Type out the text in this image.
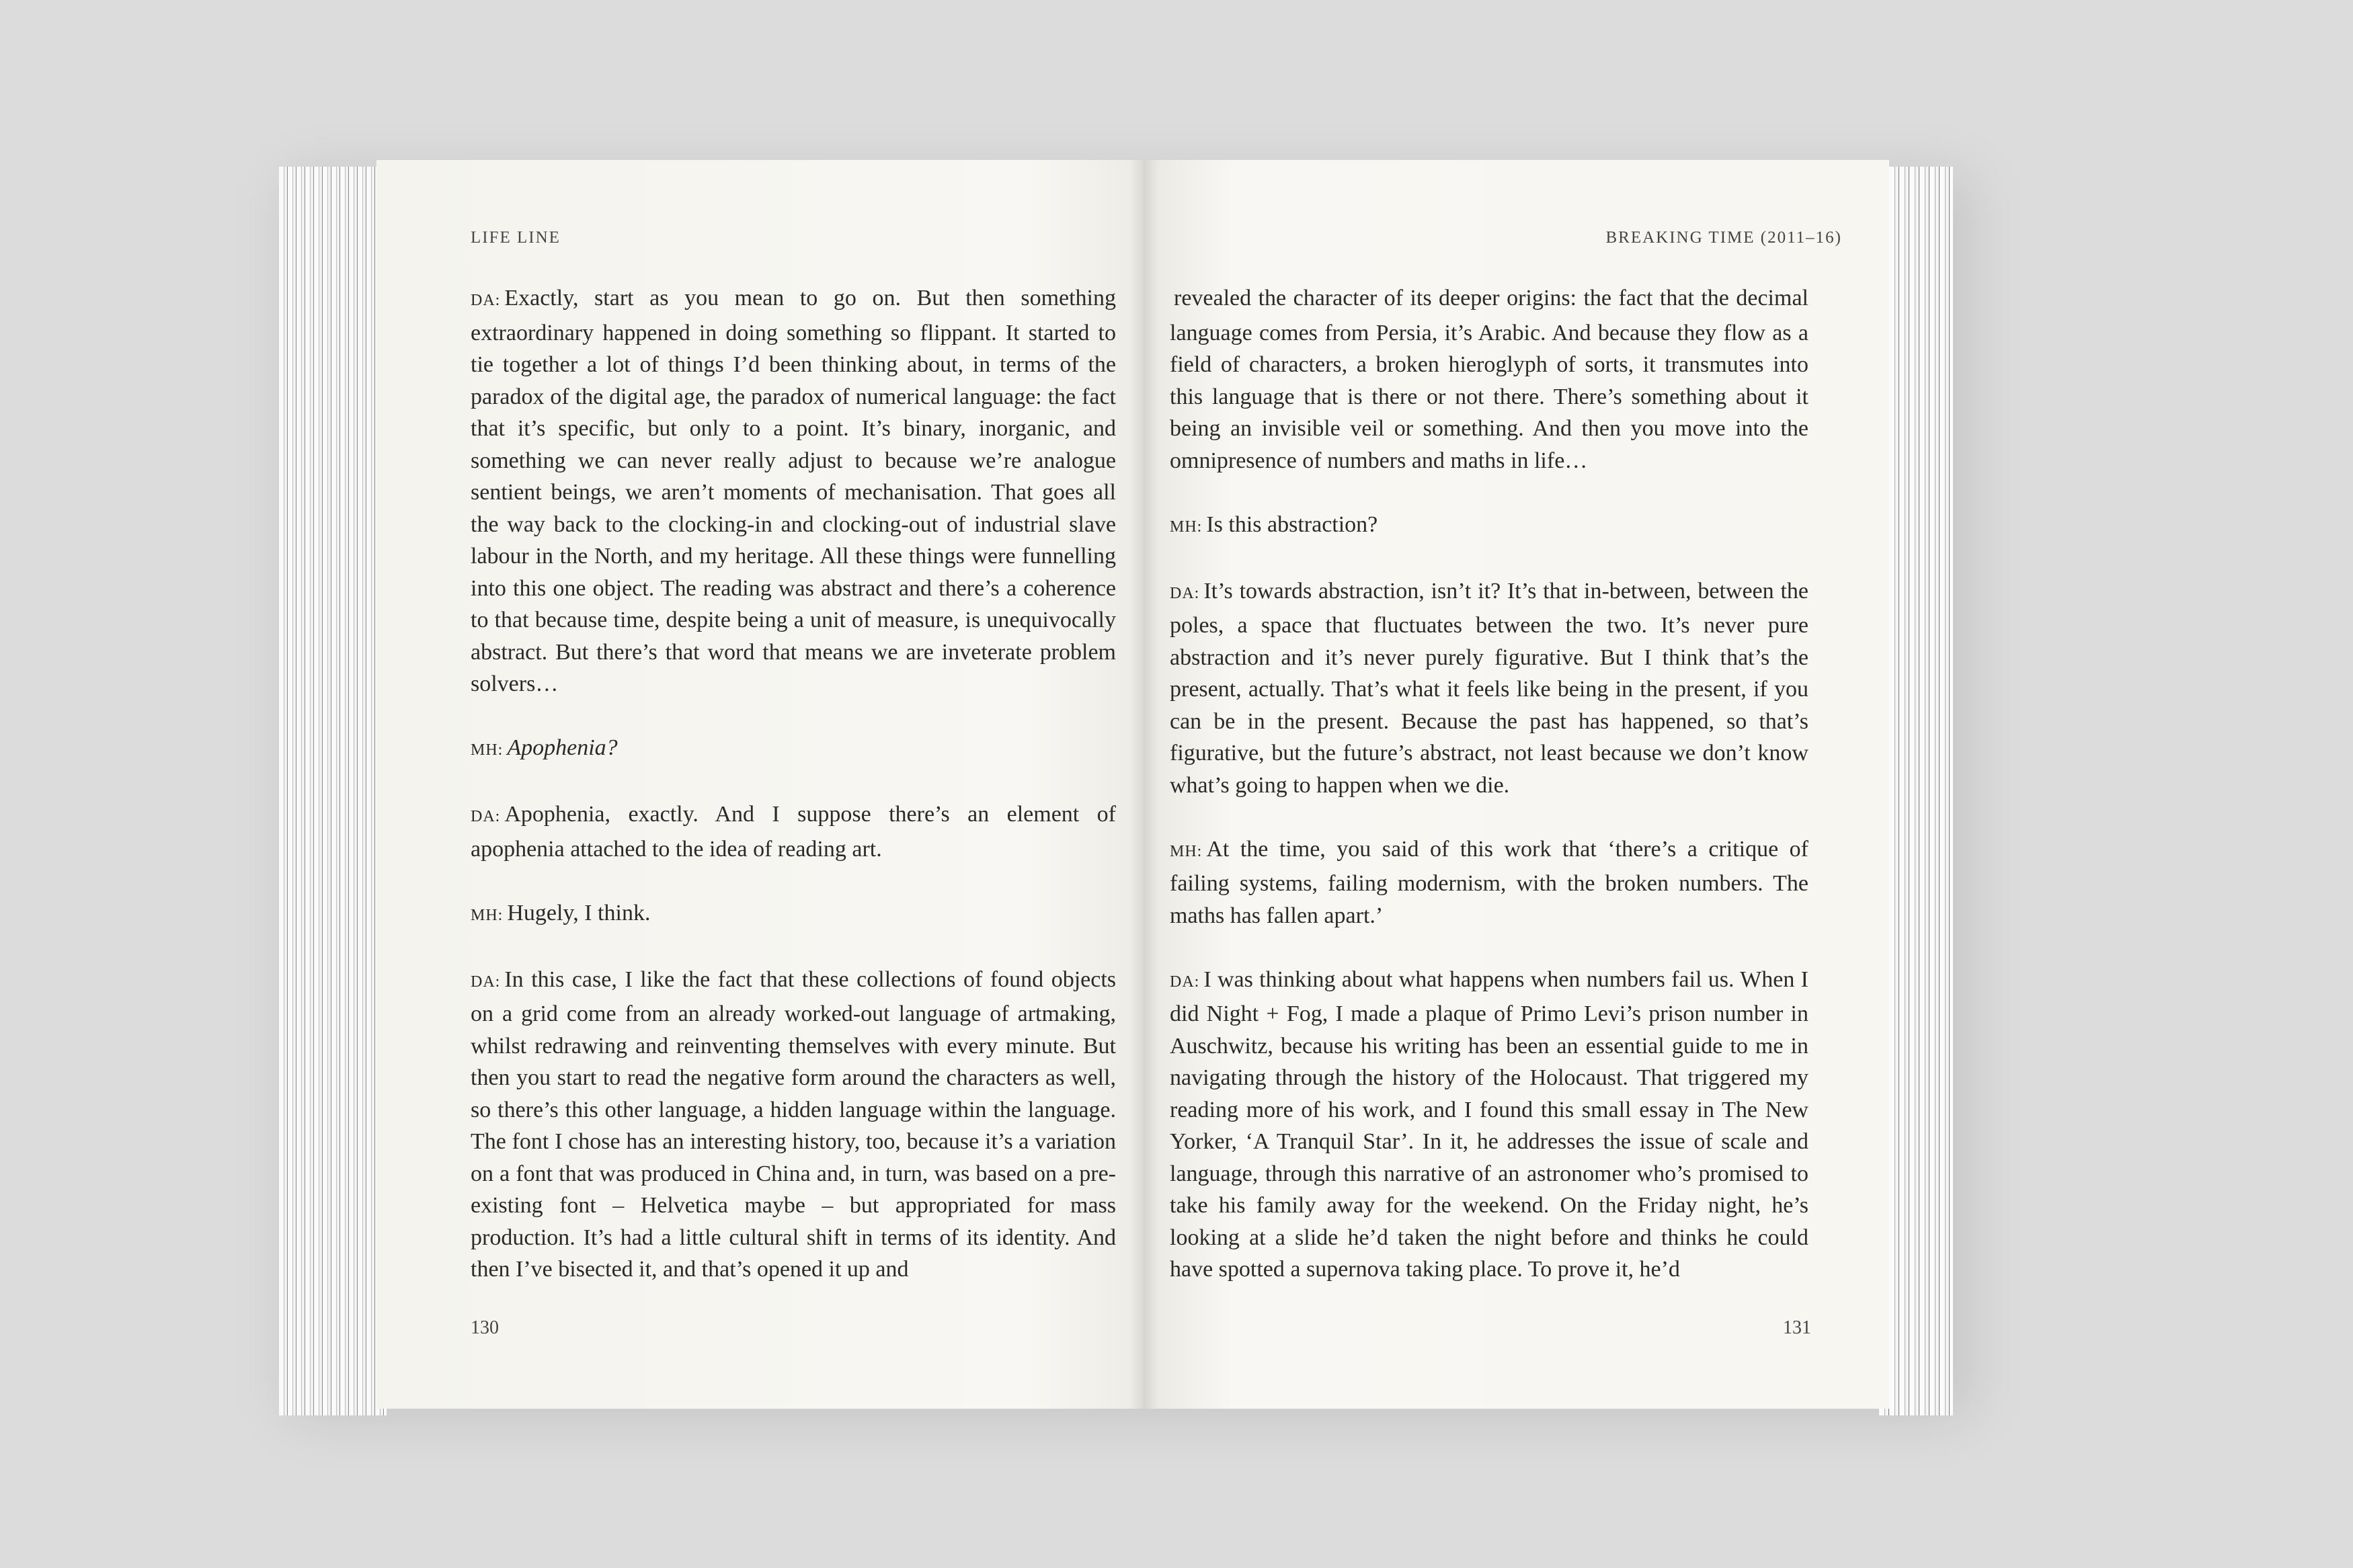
LIFE LINE	BREAKING TIME (2011–16)

DA: Exactly, start as you mean to go on. But then something extraordinary happened in doing something so flippant. It started to tie together a lot of things I’d been thinking about, in terms of the paradox of the digital age, the paradox of numerical language: the fact that it’s specific, but only to a point. It’s binary, inorganic, and something we can never really adjust to because we’re analogue sentient beings, we aren’t moments of mechanisation. That goes all the way back to the clocking-in and clocking-out of industrial slave labour in the North, and my heritage. All these things were funnelling into this one object. The reading was abstract and there’s a coherence to that because time, despite being a unit of measure, is unequivocally abstract. But there’s that word that means we are inveterate problem solvers…

MH: Apophenia?

DA: Apophenia, exactly. And I suppose there’s an element of apophenia attached to the idea of reading art.

MH: Hugely, I think.

DA: In this case, I like the fact that these collections of found objects on a grid come from an already worked-out language of artmaking, whilst redrawing and reinventing themselves with every minute. But then you start to read the negative form around the characters as well, so there’s this other language, a hidden language within the language. The font I chose has an interesting history, too, because it’s a variation on a font that was produced in China and, in turn, was based on a pre-existing font – Helvetica maybe – but appropriated for mass production. It’s had a little cultural shift in terms of its identity. And then I’ve bisected it, and that’s opened it up and

revealed the character of its deeper origins: the fact that the decimal language comes from Persia, it’s Arabic. And because they flow as a field of characters, a broken hieroglyph of sorts, it transmutes into this language that is there or not there. There’s something about it being an invisible veil or something. And then you move into the omnipresence of numbers and maths in life…

MH: Is this abstraction?

DA: It’s towards abstraction, isn’t it? It’s that in-between, between the poles, a space that fluctuates between the two. It’s never pure abstraction and it’s never purely figurative. But I think that’s the present, actually. That’s what it feels like being in the present, if you can be in the present. Because the past has happened, so that’s figurative, but the future’s abstract, not least because we don’t know what’s going to happen when we die.

MH: At the time, you said of this work that ‘there’s a critique of failing systems, failing modernism, with the broken numbers. The maths has fallen apart.’

DA: I was thinking about what happens when numbers fail us. When I did Night + Fog, I made a plaque of Primo Levi’s prison number in Auschwitz, because his writing has been an essential guide to me in navigating through the history of the Holocaust. That triggered my reading more of his work, and I found this small essay in The New Yorker, ‘A Tranquil Star’. In it, he addresses the issue of scale and language, through this narrative of an astronomer who’s promised to take his family away for the weekend. On the Friday night, he’s looking at a slide he’d taken the night before and thinks he could have spotted a supernova taking place. To prove it, he’d

130	131
